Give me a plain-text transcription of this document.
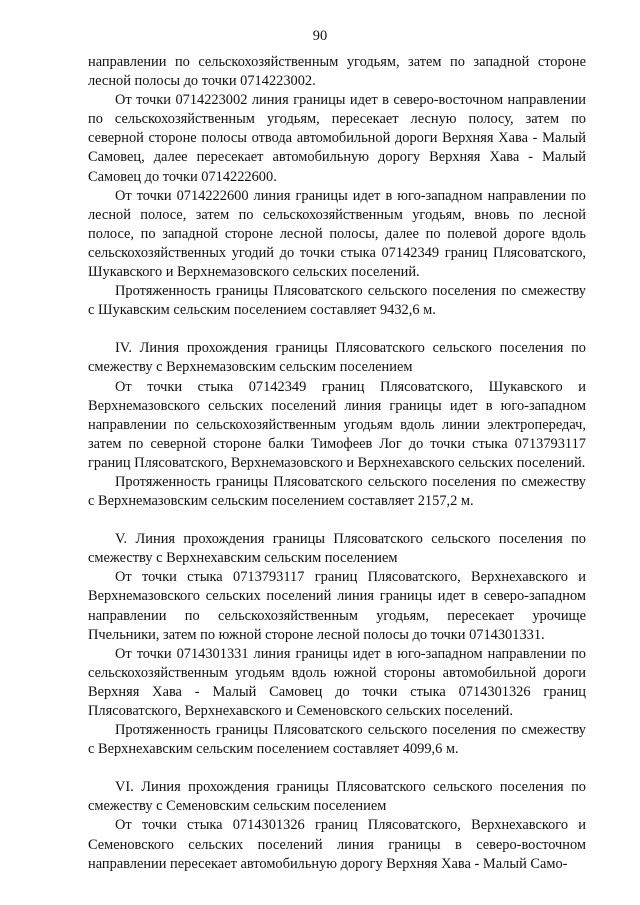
90

направлении по сельскохозяйственным угодьям, затем по западной стороне лесной полосы до точки 0714223002.

От точки 0714223002 линия границы идет в северо-восточном направлении по сельскохозяйственным угодьям, пересекает лесную полосу, затем по северной стороне полосы отвода автомобильной дороги Верхняя Хава - Малый Самовец, далее пересекает автомобильную дорогу Верхняя Хава - Малый Самовец до точки 0714222600.

От точки 0714222600 линия границы идет в юго-западном направлении по лесной полосе, затем по сельскохозяйственным угодьям, вновь по лесной полосе, по западной стороне лесной полосы, далее по полевой дороге вдоль сельскохозяйственных угодий до точки стыка 07142349 границ Плясоватского, Шукавского и Верхнемазовского сельских поселений.

Протяженность границы Плясоватского сельского поселения по смежеству с Шукавским сельским поселением составляет 9432,6 м.

IV. Линия прохождения границы Плясоватского сельского поселения по смежеству с Верхнемазовским сельским поселением

От точки стыка 07142349 границ Плясоватского, Шукавского и Верхнемазовского сельских поселений линия границы идет в юго-западном направлении по сельскохозяйственным угодьям вдоль линии электропередач, затем по северной стороне балки Тимофеев Лог до точки стыка 0713793117 границ Плясоватского, Верхнемазовского и Верхнехавского сельских поселений.

Протяженность границы Плясоватского сельского поселения по смежеству с Верхнемазовским сельским поселением составляет 2157,2 м.

V. Линия прохождения границы Плясоватского сельского поселения по смежеству с Верхнехавским сельским поселением

От точки стыка 0713793117 границ Плясоватского, Верхнехавского и Верхнемазовского сельских поселений линия границы идет в северо-западном направлении по сельскохозяйственным угодьям, пересекает урочище Пчельники, затем по южной стороне лесной полосы до точки 0714301331.

От точки 0714301331 линия границы идет в юго-западном направлении по сельскохозяйственным угодьям вдоль южной стороны автомобильной дороги Верхняя Хава - Малый Самовец до точки стыка 0714301326 границ Плясоватского, Верхнехавского и Семеновского сельских поселений.

Протяженность границы Плясоватского сельского поселения по смежеству с Верхнехавским сельским поселением составляет 4099,6 м.

VI. Линия прохождения границы Плясоватского сельского поселения по смежеству с Семеновским сельским поселением

От точки стыка 0714301326 границ Плясоватского, Верхнехавского и Семеновского сельских поселений линия границы в северо-восточном направлении пересекает автомобильную дорогу Верхняя Хава - Малый Само-
